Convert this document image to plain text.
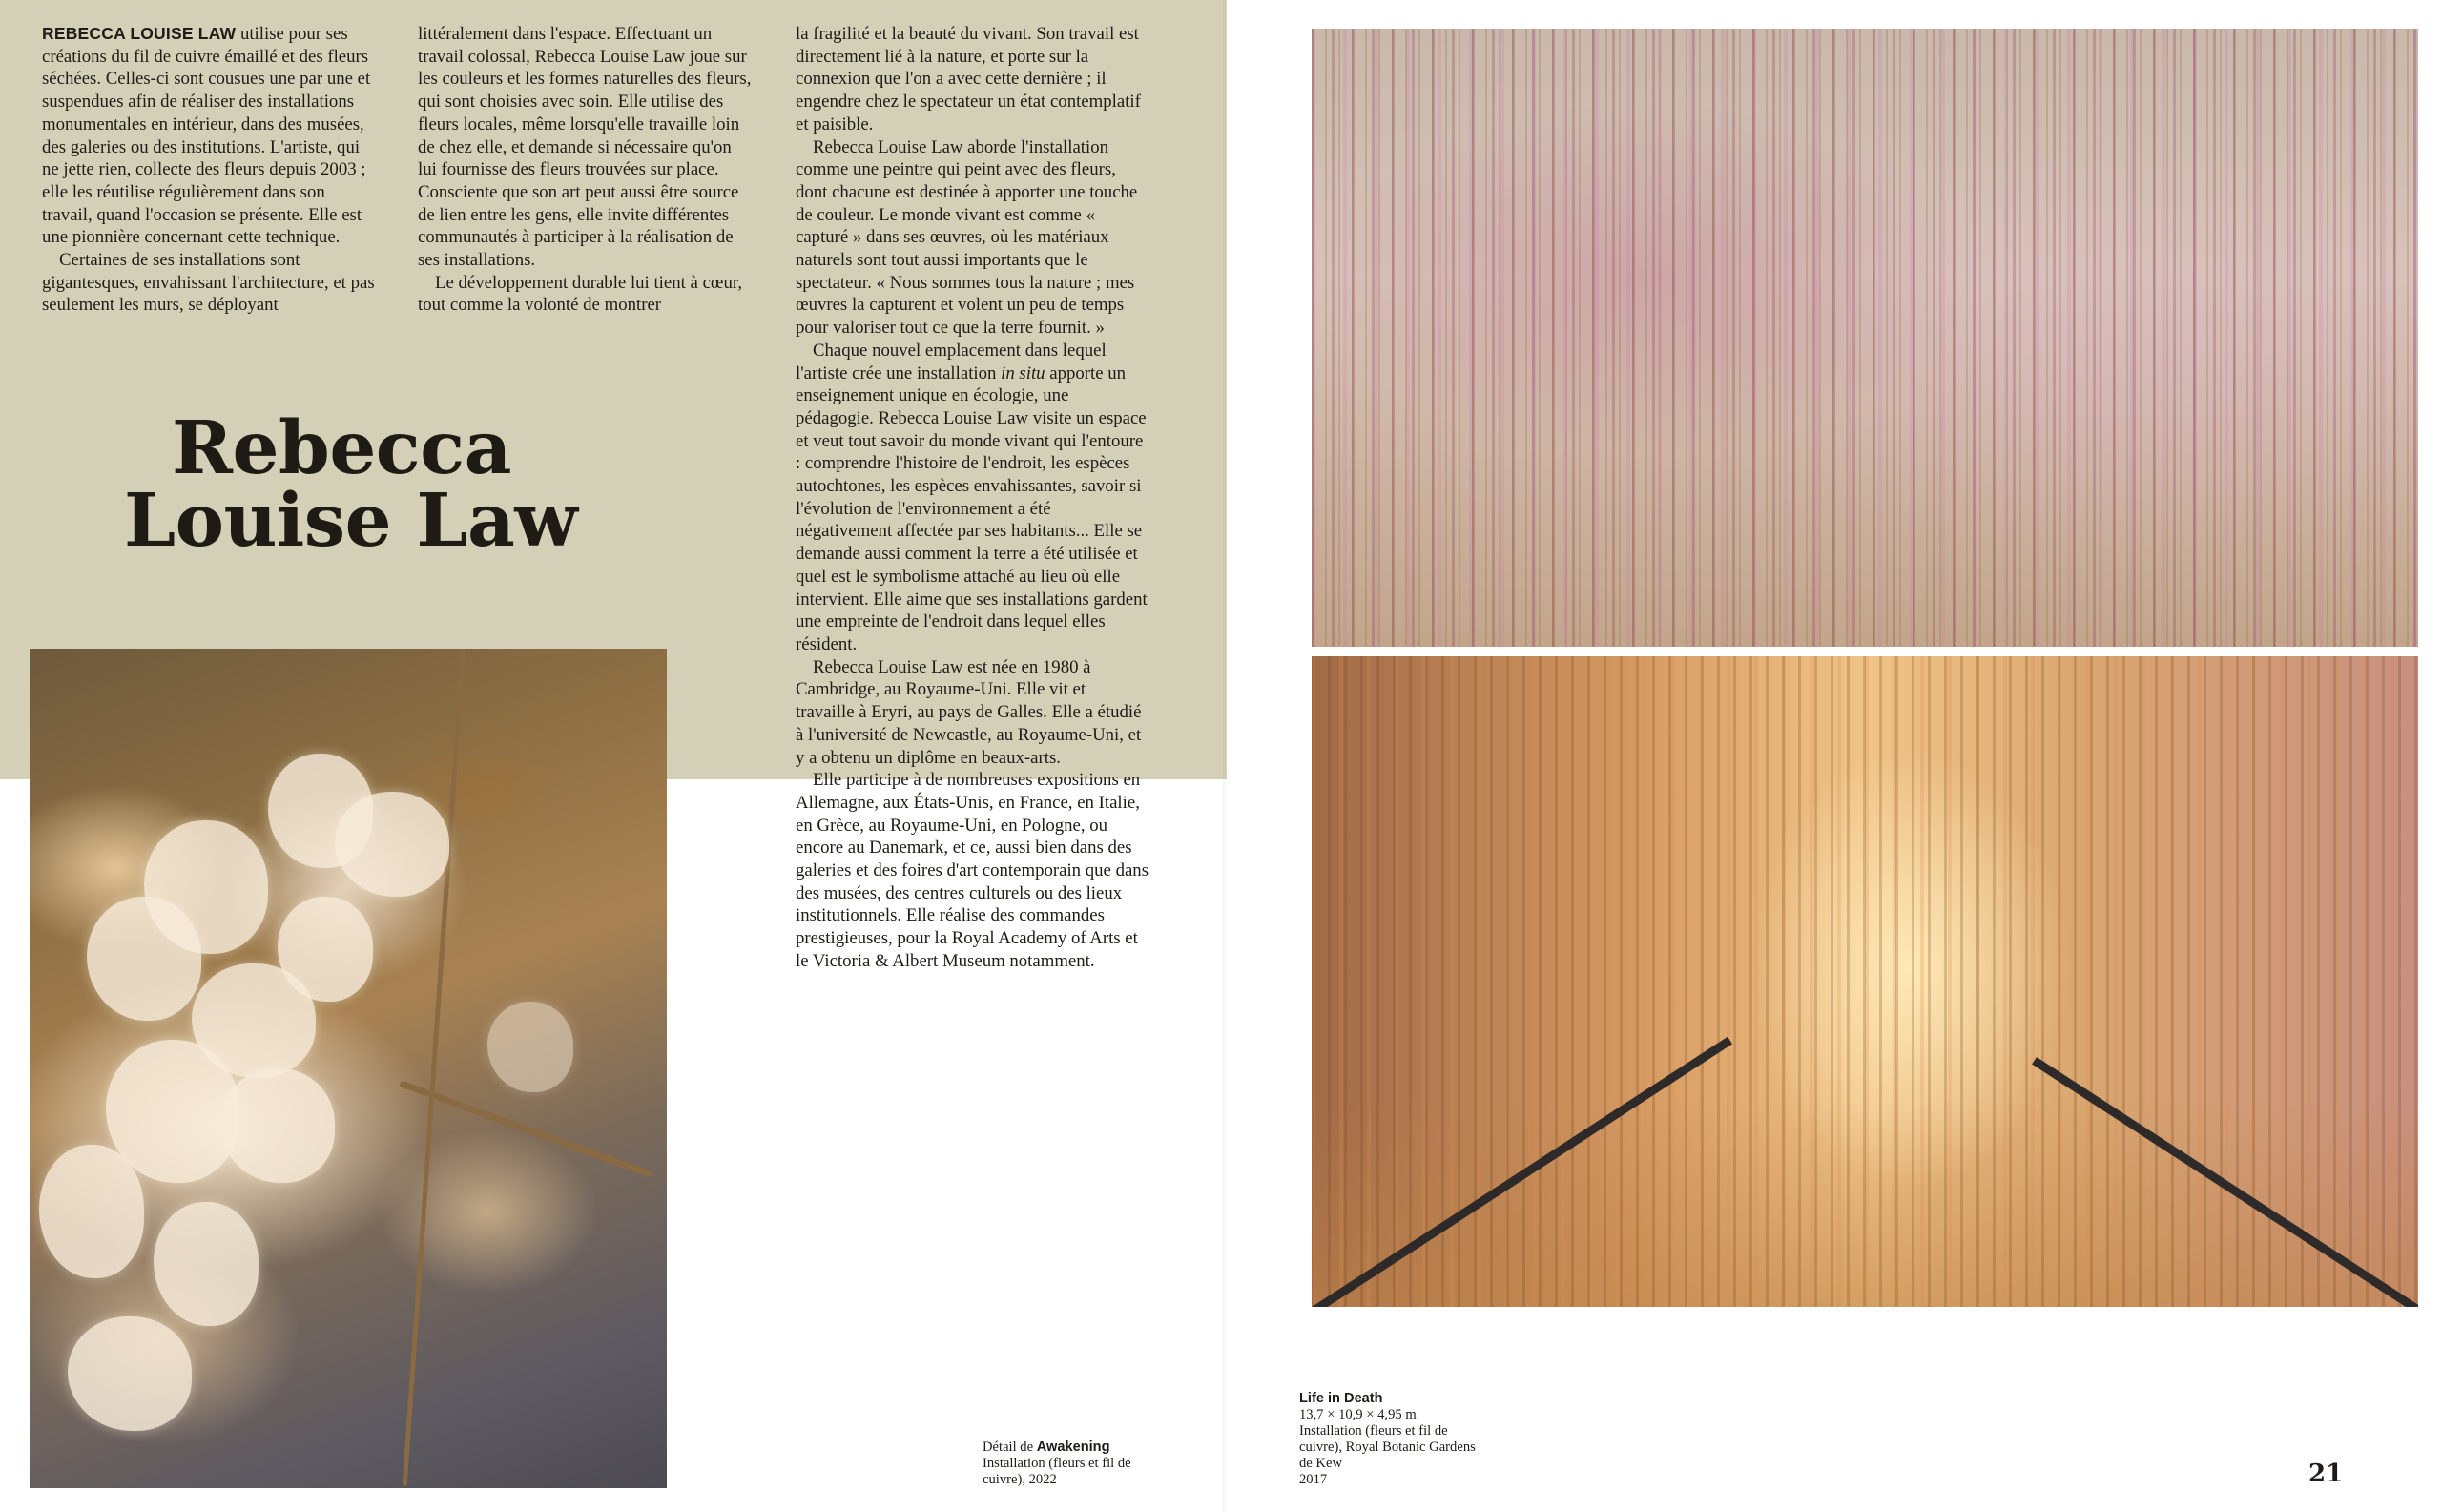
REBECCA LOUISE LAW utilise pour ses créations du fil de cuivre émaillé et des fleurs séchées. Celles-ci sont cousues une par une et suspendues afin de réaliser des installations monumentales en intérieur, dans des musées, des galeries ou des institutions. L'artiste, qui ne jette rien, collecte des fleurs depuis 2003 ; elle les réutilise régulièrement dans son travail, quand l'occasion se présente. Elle est une pionnière concernant cette technique.

Certaines de ses installations sont gigantesques, envahissant l'architecture, et pas seulement les murs, se déployant

littéralement dans l'espace. Effectuant un travail colossal, Rebecca Louise Law joue sur les couleurs et les formes naturelles des fleurs, qui sont choisies avec soin. Elle utilise des fleurs locales, même lorsqu'elle travaille loin de chez elle, et demande si nécessaire qu'on lui fournisse des fleurs trouvées sur place. Consciente que son art peut aussi être source de lien entre les gens, elle invite différentes communautés à participer à la réalisation de ses installations.

Le développement durable lui tient à cœur, tout comme la volonté de montrer

la fragilité et la beauté du vivant. Son travail est directement lié à la nature, et porte sur la connexion que l'on a avec cette dernière ; il engendre chez le spectateur un état contemplatif et paisible.

Rebecca Louise Law aborde l'installation comme une peintre qui peint avec des fleurs, dont chacune est destinée à apporter une touche de couleur. Le monde vivant est comme « capturé » dans ses œuvres, où les matériaux naturels sont tout aussi importants que le spectateur. « Nous sommes tous la nature ; mes œuvres la capturent et volent un peu de temps pour valoriser tout ce que la terre fournit. »

Chaque nouvel emplacement dans lequel l'artiste crée une installation in situ apporte un enseignement unique en écologie, une pédagogie. Rebecca Louise Law visite un espace et veut tout savoir du monde vivant qui l'entoure : comprendre l'histoire de l'endroit, les espèces autochtones, les espèces envahissantes, savoir si l'évolution de l'environnement a été négativement affectée par ses habitants... Elle se demande aussi comment la terre a été utilisée et quel est le symbolisme attaché au lieu où elle intervient. Elle aime que ses installations gardent une empreinte de l'endroit dans lequel elles résident.

Rebecca Louise Law est née en 1980 à Cambridge, au Royaume-Uni. Elle vit et travaille à Eryri, au pays de Galles. Elle a étudié à l'université de Newcastle, au Royaume-Uni, et y a obtenu un diplôme en beaux-arts.

Elle participe à de nombreuses expositions en Allemagne, aux États-Unis, en France, en Italie, en Grèce, au Royaume-Uni, en Pologne, ou encore au Danemark, et ce, aussi bien dans des galeries et des foires d'art contemporain que dans des musées, des centres culturels ou des lieux institutionnels. Elle réalise des commandes prestigieuses, pour la Royal Academy of Arts et le Victoria & Albert Museum notamment.

Rebecca
Louise Law
Détail de Awakening
Installation (fleurs et fil de cuivre), 2022
Life in Death
13,7 × 10,9 × 4,95 m
Installation (fleurs et fil de cuivre), Royal Botanic Gardens de Kew
2017	21
